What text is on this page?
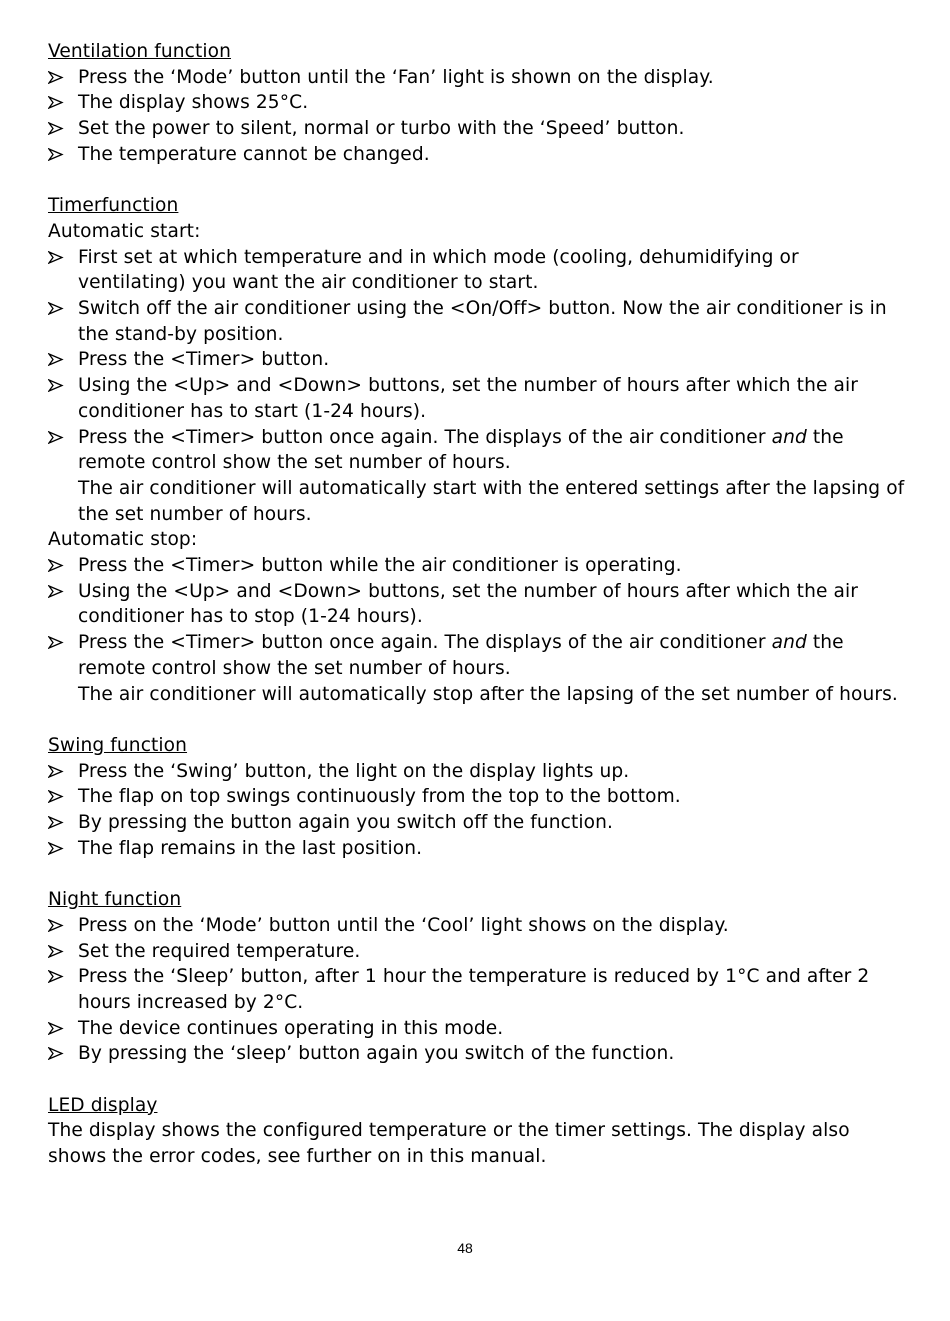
Ventilation function
Press the ‘Mode’ button until the ‘Fan’ light is shown on the display.
The display shows 25°C.
Set the power to silent, normal or turbo with the ‘Speed’ button.
The temperature cannot be changed.
Timerfunction
Automatic start:
First set at which temperature and in which mode (cooling, dehumidifying or ventilating) you want the air conditioner to start.
Switch off the air conditioner using the <On/Off> button. Now the air conditioner is in the stand-by position.
Press the <Timer> button.
Using the <Up> and <Down> buttons, set the number of hours after which the air conditioner has to start (1-24 hours).
Press the <Timer> button once again. The displays of the air conditioner and the remote control show the set number of hours.
The air conditioner will automatically start with the entered settings after the lapsing of the set number of hours.
Automatic stop:
Press the <Timer> button while the air conditioner is operating.
Using the <Up> and <Down> buttons, set the number of hours after which the air conditioner has to stop (1-24 hours).
Press the <Timer> button once again. The displays of the air conditioner and the remote control show the set number of hours.
The air conditioner will automatically stop after the lapsing of the set number of hours.
Swing function
Press the ‘Swing’ button, the light on the display lights up.
The flap on top swings continuously from the top to the bottom.
By pressing the button again you switch off the function.
The flap remains in the last position.
Night function
Press on the ‘Mode’ button until the ‘Cool’ light shows on the display.
Set the required temperature.
Press the ‘Sleep’ button, after 1 hour the temperature is reduced by 1°C and after 2 hours increased by 2°C.
The device continues operating in this mode.
By pressing the ‘sleep’ button again you switch of the function.
LED display
The display shows the configured temperature or the timer settings. The display also shows the error codes, see further on in this manual.
48
